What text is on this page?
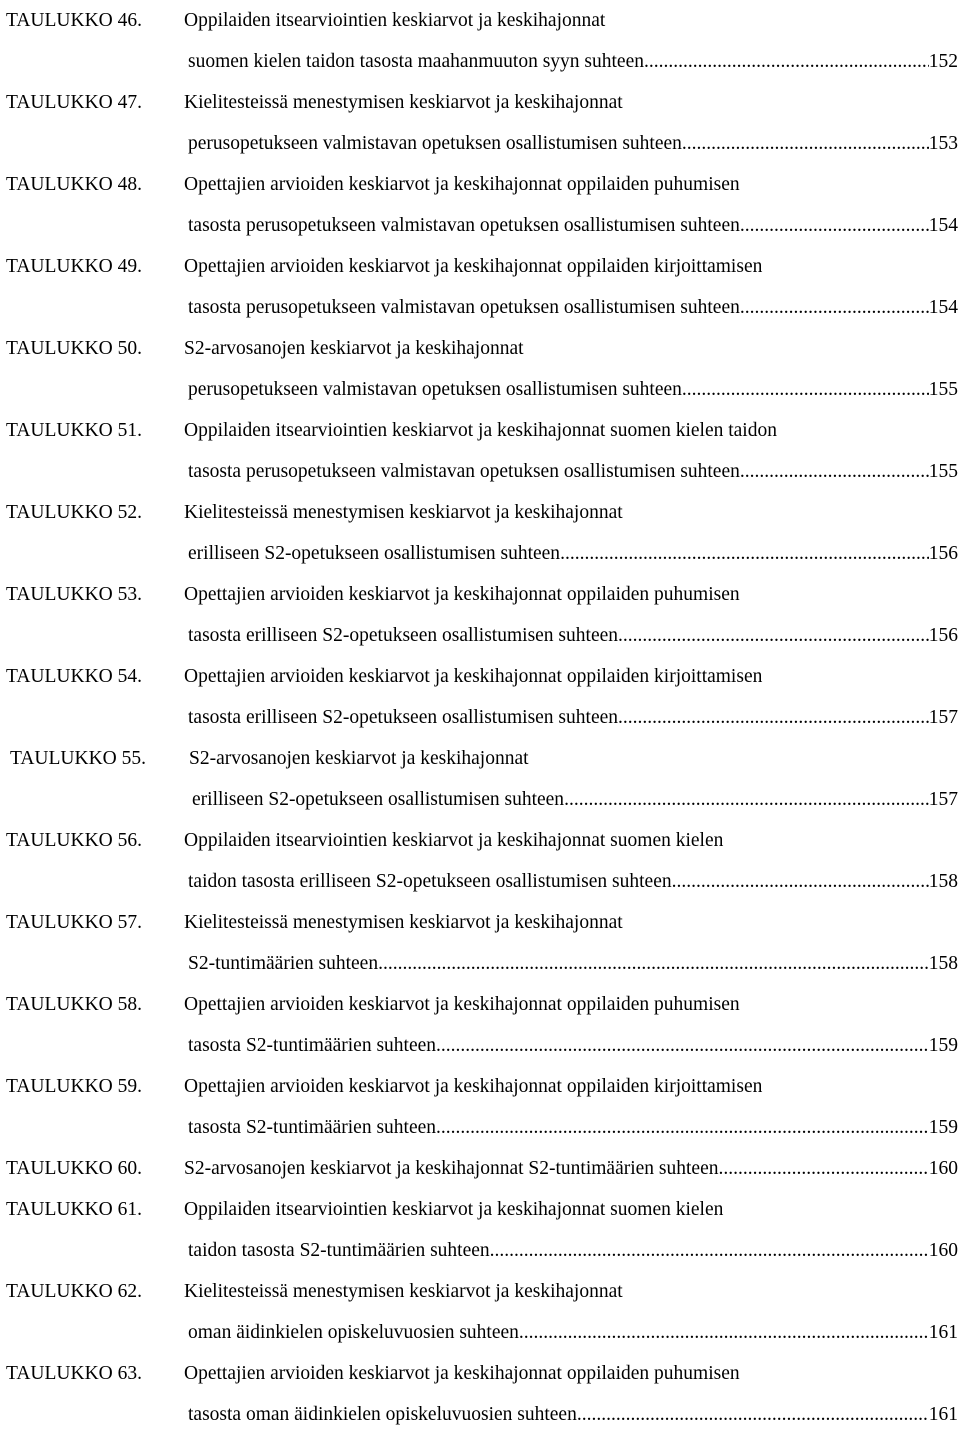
TAULUKKO 46. Oppilaiden itsearviointien keskiarvot ja keskihajonnat
suomen kielen taidon tasosta maahanmuuton syyn suhteen .....	152
TAULUKKO 47. Kielitesteissä menestymisen keskiarvot ja keskihajonnat
perusopetukseen valmistavan opetuksen osallistumisen suhteen .....	153
TAULUKKO 48. Opettajien arvioiden keskiarvot ja keskihajonnat oppilaiden puhumisen
tasosta perusopetukseen valmistavan opetuksen osallistumisen suhteen .....	154
TAULUKKO 49. Opettajien arvioiden keskiarvot ja keskihajonnat oppilaiden kirjoittamisen
tasosta perusopetukseen valmistavan opetuksen osallistumisen suhteen .....	154
TAULUKKO 50. S2-arvosanojen keskiarvot ja keskihajonnat
perusopetukseen valmistavan opetuksen osallistumisen suhteen .....	155
TAULUKKO 51. Oppilaiden itsearviointien keskiarvot ja keskihajonnat suomen kielen taidon
tasosta perusopetukseen valmistavan opetuksen osallistumisen suhteen .....	155
TAULUKKO 52. Kielitesteissä menestymisen keskiarvot ja keskihajonnat
erilliseen S2-opetukseen osallistumisen suhteen .....	156
TAULUKKO 53. Opettajien arvioiden keskiarvot ja keskihajonnat oppilaiden puhumisen
tasosta erilliseen S2-opetukseen osallistumisen suhteen .....	156
TAULUKKO 54. Opettajien arvioiden keskiarvot ja keskihajonnat oppilaiden kirjoittamisen
tasosta erilliseen S2-opetukseen osallistumisen suhteen .....	157
TAULUKKO 55. S2-arvosanojen keskiarvot ja keskihajonnat
erilliseen S2-opetukseen osallistumisen suhteen .....	157
TAULUKKO 56. Oppilaiden itsearviointien keskiarvot ja keskihajonnat suomen kielen
taidon tasosta erilliseen S2-opetukseen osallistumisen suhteen .....	158
TAULUKKO 57. Kielitesteissä menestymisen keskiarvot ja keskihajonnat
S2-tuntimäärien suhteen .....	158
TAULUKKO 58. Opettajien arvioiden keskiarvot ja keskihajonnat oppilaiden puhumisen
tasosta S2-tuntimäärien suhteen .....	159
TAULUKKO 59. Opettajien arvioiden keskiarvot ja keskihajonnat oppilaiden kirjoittamisen
tasosta S2-tuntimäärien suhteen .....	159
TAULUKKO 60. S2-arvosanojen keskiarvot ja keskihajonnat S2-tuntimäärien suhteen .....	160
TAULUKKO 61. Oppilaiden itsearviointien keskiarvot ja keskihajonnat suomen kielen
taidon tasosta S2-tuntimäärien suhteen .....	160
TAULUKKO 62. Kielitesteissä menestymisen keskiarvot ja keskihajonnat
oman äidinkielen opiskeluvuosien suhteen .....	161
TAULUKKO 63. Opettajien arvioiden keskiarvot ja keskihajonnat oppilaiden puhumisen
tasosta oman äidinkielen opiskeluvuosien suhteen .....	161
